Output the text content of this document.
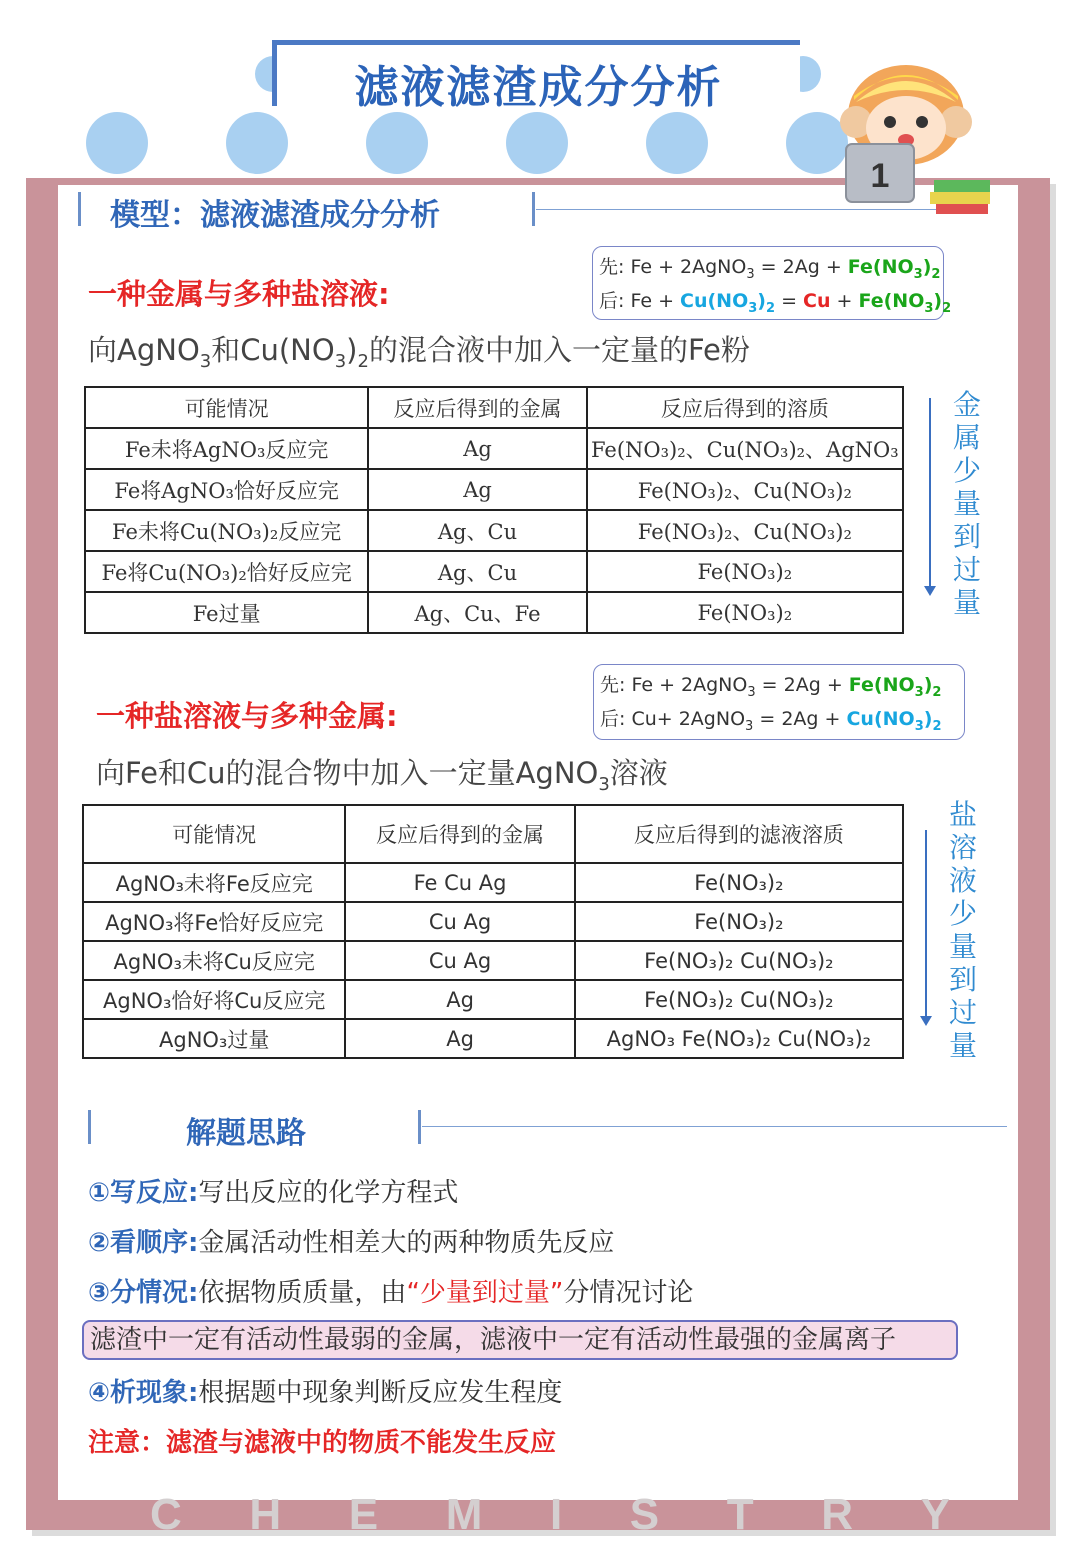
滤液滤渣成分分析
1
模型：滤液滤渣成分分析
先: Fe + 2AgNO$_3$ = $2Ag + Fe(NO_3)_2$
后: $Fe + Cu(NO_3)_2 = Cu + Fe(NO_3)_2$
一种金属与多种盐溶液:
向AgNO$_3$和$Cu(NO_3)_2$的混合液中加入一定量的Fe粉
可能情况	反应后得到的金属	反应后得到的溶质
Fe未将AgNO₃反应完	Ag	Fe(NO₃)₂、Cu(NO₃)₂、AgNO₃
Fe将AgNO₃恰好反应完	Ag	Fe(NO₃)₂、Cu(NO₃)₂
Fe未将Cu(NO₃)₂反应完	Ag、Cu	Fe(NO₃)₂、Cu(NO₃)₂
Fe将Cu(NO₃)₂恰好反应完	Ag、Cu	Fe(NO₃)₂
Fe过量	Ag、Cu、Fe	Fe(NO₃)₂
金
属
少
量
到
过
量
先: Fe + 2AgNO$_3$ = $2Ag + Fe(NO_3)_2$
后: Cu+ 2AgNO$_3$ = $2Ag + Cu(NO_3)_2$
一种盐溶液与多种金属:
向Fe和Cu的混合物中加入一定量AgNO$_3$溶液
可能情况	反应后得到的金属	反应后得到的滤液溶质
AgNO₃未将Fe反应完	Fe Cu Ag	Fe(NO₃)₂
AgNO₃将Fe恰好反应完	Cu Ag	Fe(NO₃)₂
AgNO₃未将Cu反应完	Cu Ag	Fe(NO₃)₂ Cu(NO₃)₂
AgNO₃恰好将Cu反应完	Ag	Fe(NO₃)₂ Cu(NO₃)₂
AgNO₃过量	Ag	AgNO₃ Fe(NO₃)₂ Cu(NO₃)₂
盐
溶
液
少
量
到
过
量
解题思路
①写反应:写出反应的化学方程式
②看顺序:金属活动性相差大的两种物质先反应
③分情况:依据物质质量，由“少量到过量”分情况讨论
滤渣中一定有活动性最弱的金属，滤液中一定有活动性最强的金属离子
④析现象:根据题中现象判断反应发生程度
注意：滤渣与滤液中的物质不能发生反应
C H E M I S T R Y
